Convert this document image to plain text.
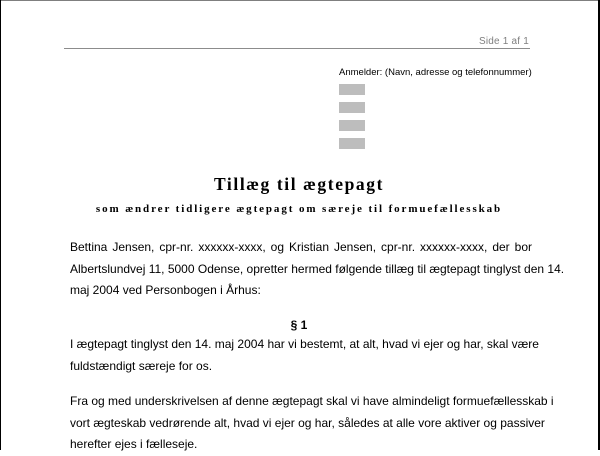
Side 1 af 1
Anmelder: (Navn, adresse og telefonnummer)
Tillæg til ægtepagt
som ændrer tidligere ægtepagt om særeje til formuefællesskab
Bettina Jensen, cpr-nr. xxxxxx-xxxx, og Kristian Jensen, cpr-nr. xxxxxx-xxxx, der bor
Albertslundvej 11, 5000 Odense, opretter hermed følgende tillæg til ægtepagt tinglyst den 14.
maj 2004 ved Personbogen i Århus:
§ 1
I ægtepagt tinglyst den 14. maj 2004 har vi bestemt, at alt, hvad vi ejer og har, skal være
fuldstændigt særeje for os.
Fra og med underskrivelsen af denne ægtepagt skal vi have almindeligt formuefællesskab i
vort ægteskab vedrørende alt, hvad vi ejer og har, således at alle vore aktiver og passiver
herefter ejes i fælleseje.
